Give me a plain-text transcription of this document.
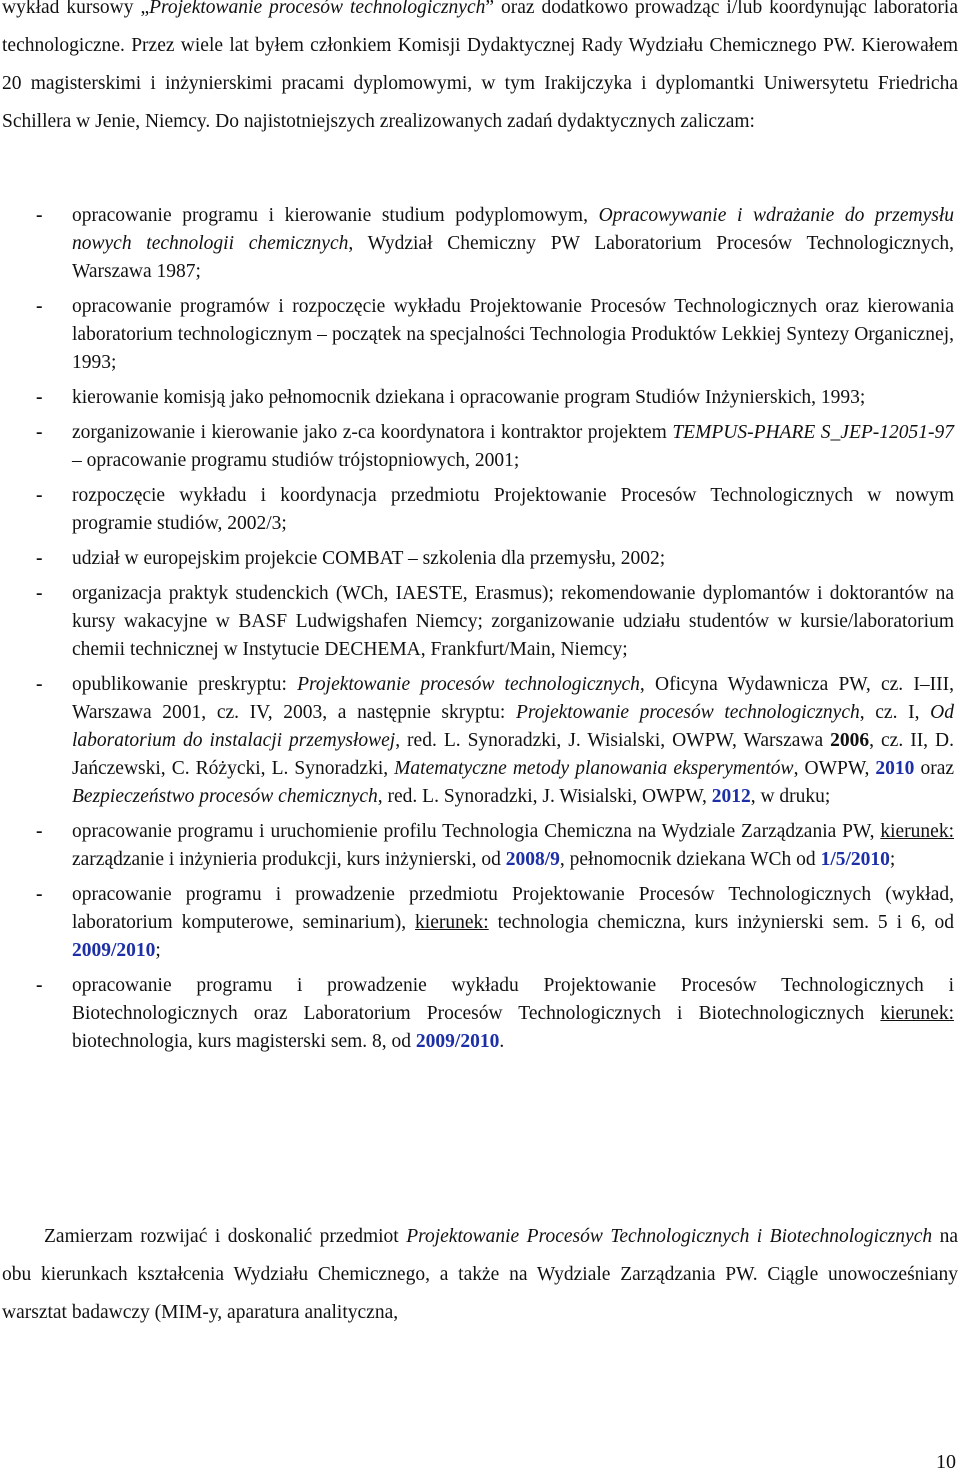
wykład kursowy „Projektowanie procesów technologicznych” oraz dodatkowo prowadząc i/lub koordynując laboratoria technologiczne. Przez wiele lat byłem członkiem Komisji Dydaktycznej Rady Wydziału Chemicznego PW. Kierowałem 20 magisterskimi i inżynierskimi pracami dyplomowymi, w tym Irakijczyka i dyplomantki Uniwersytetu Friedricha Schillera w Jenie, Niemcy. Do najistotniejszych zrealizowanych zadań dydaktycznych zaliczam:

- opracowanie programu i kierowanie studium podyplomowym, Opracowywanie i wdrażanie do przemysłu nowych technologii chemicznych, Wydział Chemiczny PW Laboratorium Procesów Technologicznych, Warszawa 1987;
- opracowanie programów i rozpoczęcie wykładu Projektowanie Procesów Technologicznych oraz kierowania laboratorium technologicznym – początek na specjalności Technologia Produktów Lekkiej Syntezy Organicznej, 1993;
- kierowanie komisją jako pełnomocnik dziekana i opracowanie program Studiów Inżynierskich, 1993;
- zorganizowanie i kierowanie jako z-ca koordynatora i kontraktor projektem TEMPUS-PHARE S_JEP-12051-97 – opracowanie programu studiów trójstopniowych, 2001;
- rozpoczęcie wykładu i koordynacja przedmiotu Projektowanie Procesów Technologicznych w nowym programie studiów, 2002/3;
- udział w europejskim projekcie COMBAT – szkolenia dla przemysłu, 2002;
- organizacja praktyk studenckich (WCh, IAESTE, Erasmus); rekomendowanie dyplomantów i doktorantów na kursy wakacyjne w BASF Ludwigshafen Niemcy; zorganizowanie udziału studentów w kursie/laboratorium chemii technicznej w Instytucie DECHEMA, Frankfurt/Main, Niemcy;
- opublikowanie preskryptu: Projektowanie procesów technologicznych, Oficyna Wydawnicza PW, cz. I–III, Warszawa 2001, cz. IV, 2003, a następnie skryptu: Projektowanie procesów technologicznych, cz. I, Od laboratorium do instalacji przemysłowej, red. L. Synoradzki, J. Wisialski, OWPW, Warszawa 2006, cz. II, D. Jańczewski, C. Różycki, L. Synoradzki, Matematyczne metody planowania eksperymentów, OWPW, 2010 oraz Bezpieczeństwo procesów chemicznych, red. L. Synoradzki, J. Wisialski, OWPW, 2012, w druku;
- opracowanie programu i uruchomienie profilu Technologia Chemiczna na Wydziale Zarządzania PW, kierunek: zarządzanie i inżynieria produkcji, kurs inżynierski, od 2008/9, pełnomocnik dziekana WCh od 1/5/2010;
- opracowanie programu i prowadzenie przedmiotu Projektowanie Procesów Technologicznych (wykład, laboratorium komputerowe, seminarium), kierunek: technologia chemiczna, kurs inżynierski sem. 5 i 6, od 2009/2010;
- opracowanie programu i prowadzenie wykładu Projektowanie Procesów Technologicznych i Biotechnologicznych oraz Laboratorium Procesów Technologicznych i Biotechnologicznych kierunek: biotechnologia, kurs magisterski sem. 8, od 2009/2010.

Zamierzam rozwijać i doskonalić przedmiot Projektowanie Procesów Technologicznych i Biotechnologicznych na obu kierunkach kształcenia Wydziału Chemicznego, a także na Wydziale Zarządzania PW. Ciągle unowocześniany warsztat badawczy (MIM-y, aparatura analityczna,

10
